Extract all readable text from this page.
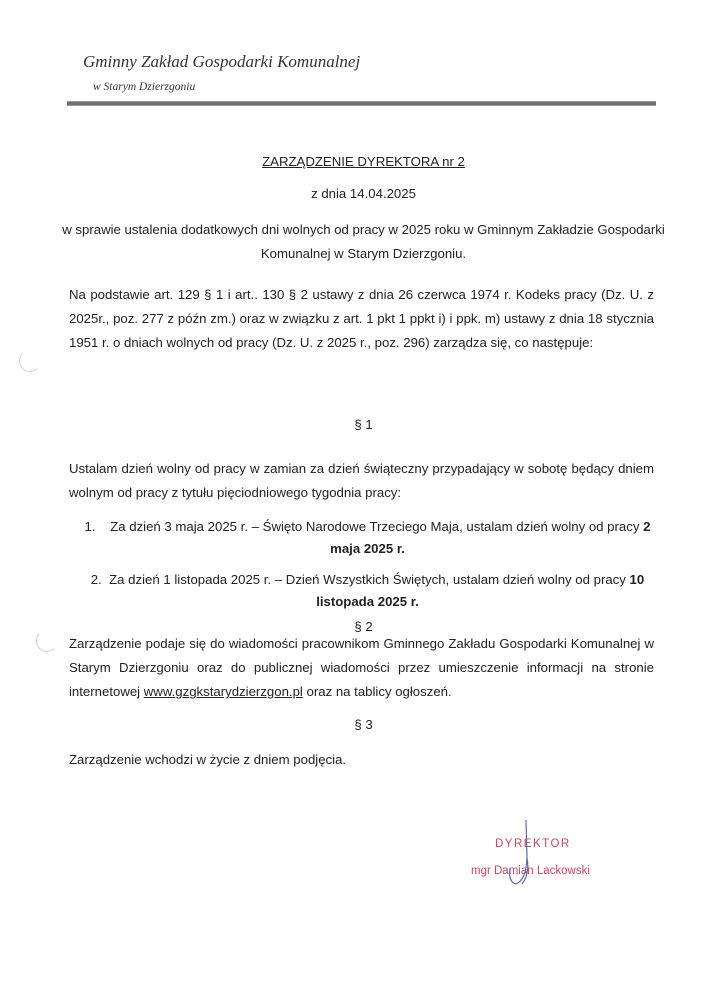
Gminny Zakład Gospodarki Komunalnej
w Starym Dzierzgoniu
ZARZĄDZENIE DYREKTORA nr 2
z dnia 14.04.2025
w sprawie ustalenia dodatkowych dni wolnych od pracy w 2025 roku w Gminnym Zakładzie Gospodarki Komunalnej w Starym Dzierzgoniu.
Na podstawie art. 129 § 1 i art.. 130 § 2 ustawy z dnia 26 czerwca 1974 r. Kodeks pracy (Dz. U. z 2025r., poz. 277 z późn zm.) oraz w związku z art. 1 pkt 1 ppkt i) i ppk. m) ustawy z dnia 18 stycznia 1951 r. o dniach wolnych od pracy (Dz. U. z 2025 r., poz. 296) zarządza się, co następuje:
§ 1
Ustalam dzień wolny od pracy w zamian za dzień świąteczny przypadający w sobotę będący dniem wolnym od pracy z tytułu pięciodniowego tygodnia pracy:
1. Za dzień 3 maja 2025 r. – Święto Narodowe Trzeciego Maja, ustalam dzień wolny od pracy 2 maja 2025 r.
2. Za dzień 1 listopada 2025 r. – Dzień Wszystkich Świętych, ustalam dzień wolny od pracy 10 listopada 2025 r.
§ 2
Zarządzenie podaje się do wiadomości pracownikom Gminnego Zakładu Gospodarki Komunalnej w Starym Dzierzgoniu oraz do publicznej wiadomości przez umieszczenie informacji na stronie internetowej www.gzgkstarydzierzgon.pl oraz na tablicy ogłoszeń.
§ 3
Zarządzenie wchodzi w życie z dniem podjęcia.
DYREKTOR
mgr Damian Lackowski
